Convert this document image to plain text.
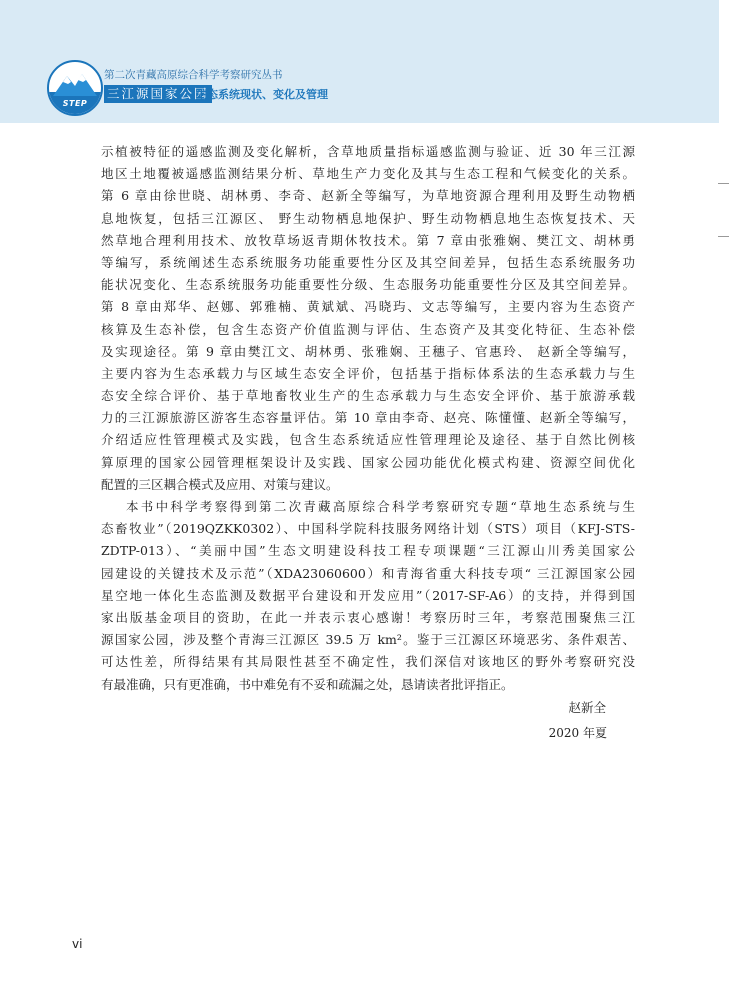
STEP
第二次青藏高原综合科学考察研究丛书
三江源国家公园
生态系统现状、变化及管理
示植被特征的遥感监测及变化解析，含草地质量指标遥感监测与验证、近 30 年三江源
地区土地覆被遥感监测结果分析、草地生产力变化及其与生态工程和气候变化的关系。
第 6 章由徐世晓、胡林勇、李奇、赵新全等编写，为草地资源合理利用及野生动物栖
息地恢复，包括三江源区、 野生动物栖息地保护、野生动物栖息地生态恢复技术、天
然草地合理利用技术、放牧草场返青期休牧技术。第 7 章由张雅娴、樊江文、胡林勇
等编写，系统阐述生态系统服务功能重要性分区及其空间差异，包括生态系统服务功
能状况变化、生态系统服务功能重要性分级、生态服务功能重要性分区及其空间差异。
第 8 章由郑华、赵娜、郭雅楠、黄斌斌、冯晓玙、文志等编写，主要内容为生态资产
核算及生态补偿，包含生态资产价值监测与评估、生态资产及其变化特征、生态补偿
及实现途径。第 9 章由樊江文、胡林勇、张雅娴、王穗子、官惠玲、 赵新全等编写，
主要内容为生态承载力与区域生态安全评价，包括基于指标体系法的生态承载力与生
态安全综合评价、基于草地畜牧业生产的生态承载力与生态安全评价、基于旅游承载
力的三江源旅游区游客生态容量评估。第 10 章由李奇、赵亮、陈懂懂、赵新全等编写，
介绍适应性管理模式及实践，包含生态系统适应性管理理论及途径、基于自然比例核
算原理的国家公园管理框架设计及实践、国家公园功能优化模式构建、资源空间优化
配置的三区耦合模式及应用、对策与建议。
本书中科学考察得到第二次青藏高原综合科学考察研究专题“草地生态系统与生
态畜牧业”（2019QZKK0302）、中国科学院科技服务网络计划（STS）项目（KFJ-STS-
ZDTP-013）、“美丽中国”生态文明建设科技工程专项课题“三江源山川秀美国家公
园建设的关键技术及示范”（XDA23060600）和青海省重大科技专项“ 三江源国家公园
星空地一体化生态监测及数据平台建设和开发应用”（2017-SF-A6）的支持，并得到国
家出版基金项目的资助，在此一并表示衷心感谢！考察历时三年，考察范围聚焦三江
源国家公园，涉及整个青海三江源区 39.5 万 km²。鉴于三江源区环境恶劣、条件艰苦、
可达性差，所得结果有其局限性甚至不确定性，我们深信对该地区的野外考察研究没
有最准确，只有更准确，书中难免有不妥和疏漏之处，恳请读者批评指正。
赵新全
2020 年夏
vi
